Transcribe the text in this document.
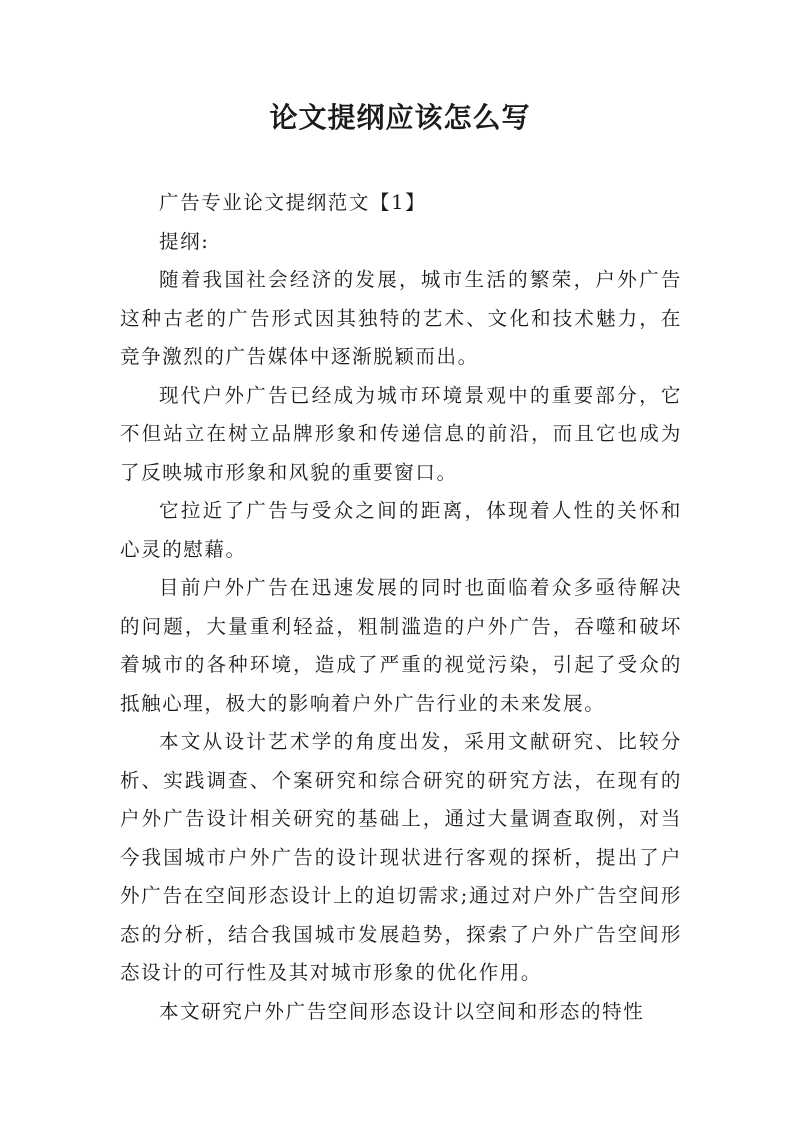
论文提纲应该怎么写

广告专业论文提纲范文【1】

提纲:

随着我国社会经济的发展，城市生活的繁荣，户外广告这种古老的广告形式因其独特的艺术、文化和技术魅力，在竞争激烈的广告媒体中逐渐脱颖而出。

现代户外广告已经成为城市环境景观中的重要部分，它不但站立在树立品牌形象和传递信息的前沿，而且它也成为了反映城市形象和风貌的重要窗口。

它拉近了广告与受众之间的距离，体现着人性的关怀和心灵的慰藉。

目前户外广告在迅速发展的同时也面临着众多亟待解决的问题，大量重利轻益，粗制滥造的户外广告，吞噬和破坏着城市的各种环境，造成了严重的视觉污染，引起了受众的抵触心理，极大的影响着户外广告行业的未来发展。

本文从设计艺术学的角度出发，采用文献研究、比较分析、实践调查、个案研究和综合研究的研究方法，在现有的户外广告设计相关研究的基础上，通过大量调查取例，对当今我国城市户外广告的设计现状进行客观的探析，提出了户外广告在空间形态设计上的迫切需求;通过对户外广告空间形态的分析，结合我国城市发展趋势，探索了户外广告空间形态设计的可行性及其对城市形象的优化作用。

本文研究户外广告空间形态设计以空间和形态的特性
